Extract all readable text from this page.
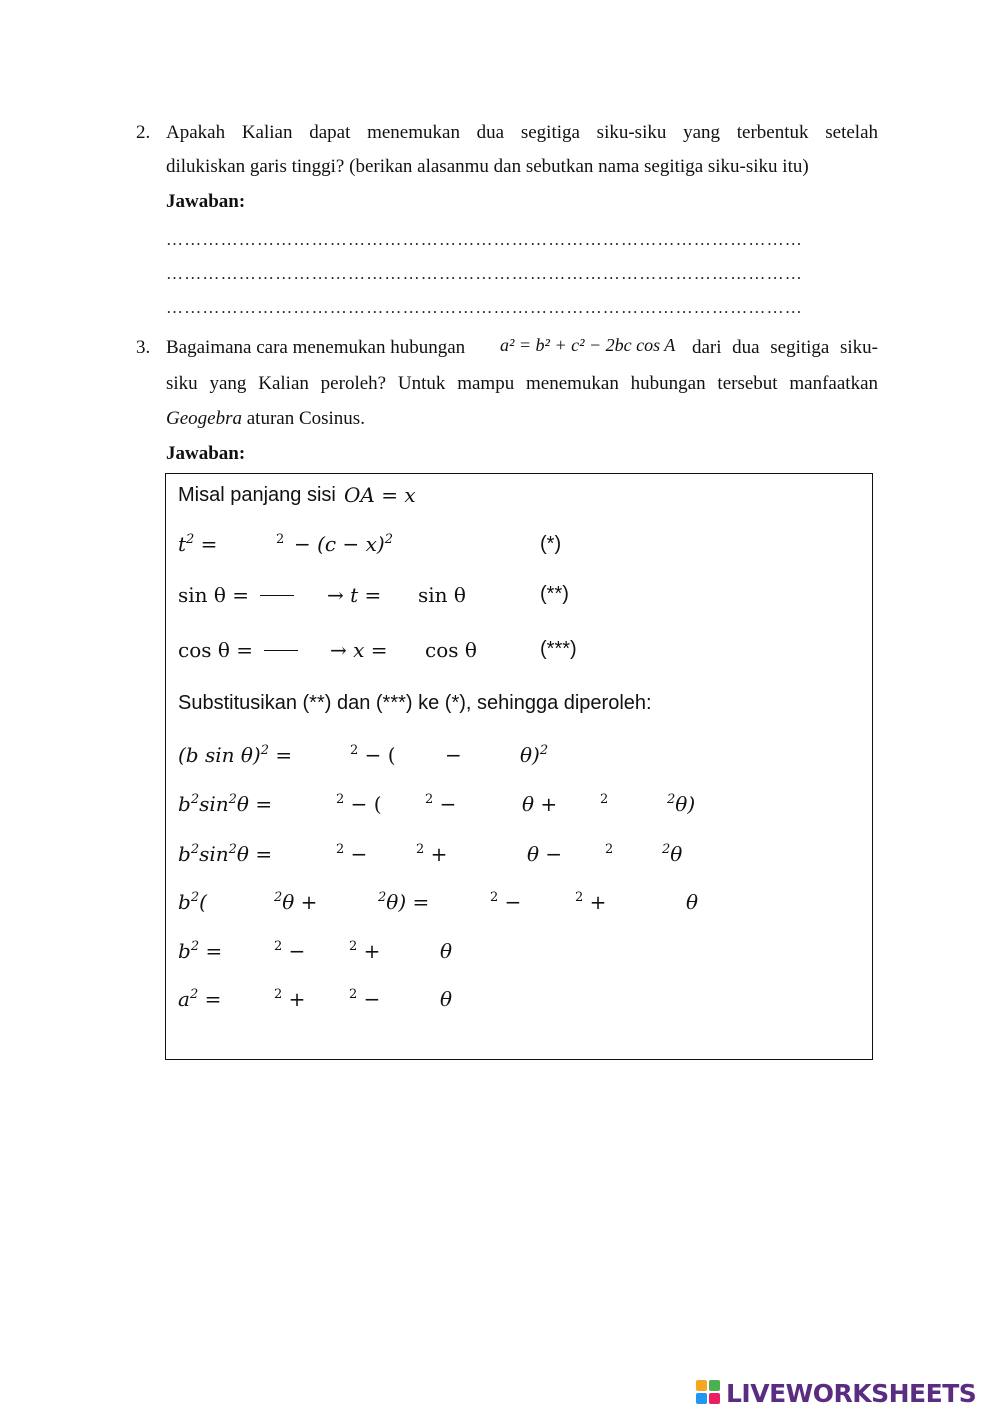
2. Apakah Kalian dapat menemukan dua segitiga siku-siku yang terbentuk setelah
dilukiskan garis tinggi? (berikan alasanmu dan sebutkan nama segitiga siku-siku itu)
Jawaban:
……………………………………………………………………………………………
……………………………………………………………………………………………
……………………………………………………………………………………………
3. Bagaimana cara menemukan hubungan a² = b² + c² − 2bc cos A dari dua segitiga siku-
siku yang Kalian peroleh? Untuk mampu menemukan hubungan tersebut manfaatkan
Geogebra aturan Cosinus.
Jawaban:
Misal panjang sisi OA = x
$t^2$ =	$^2 - (c - x)^2$	(*)
sin θ =	→ t = sin θ	(**)
cos θ =	→ x = cos θ	(***)
Substitusikan (**) dan (***) ke (*), sehingga diperoleh:
(b sin θ)$^2$ =	$^2$ − ( −	θ)$^2$
$b^2\sin^2\theta$ =	$^2$ − (	$^2$ −	θ +	$^2$	$^2$θ)
$b^2\sin^2\theta$ =	$^2$ −	$^2$ +	θ −	$^2$	$^2$θ
$b^2$(	$^2$θ +	$^2$θ) =	$^2$ −	$^2$ +	θ
$b^2$ =	$^2$ −	$^2$ +	θ
$a^2$ =	$^2$ +	$^2$ −	θ
LIVEWORKSHEETS
